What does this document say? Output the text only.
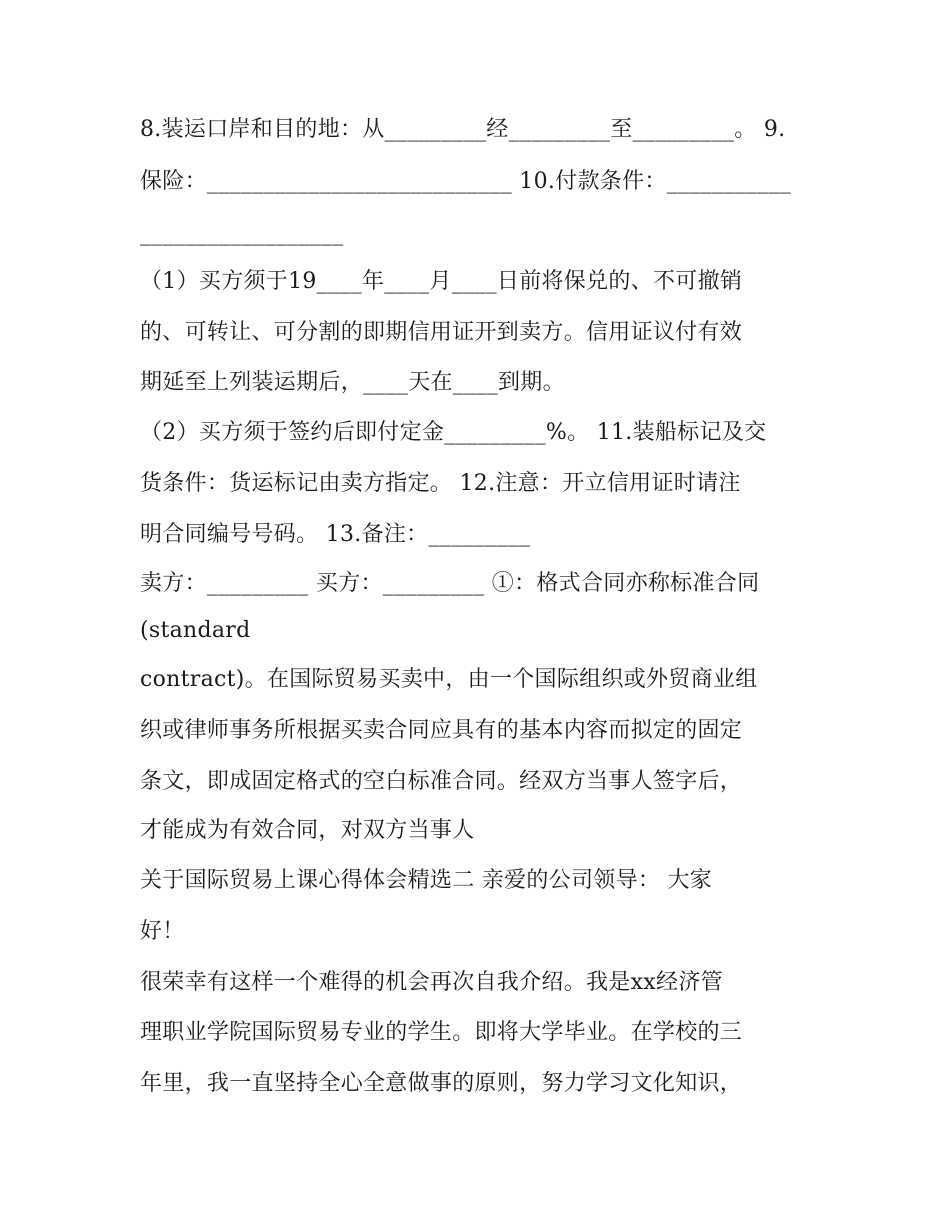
8.装运口岸和目的地：从_________经_________至_________。 9.
保险：___________________________ 10.付款条件：___________
__________________
（1）买方须于19____年____月____日前将保兑的、不可撤销
的、可转让、可分割的即期信用证开到卖方。信用证议付有效
期延至上列装运期后，____天在____到期。
（2）买方须于签约后即付定金_________%。 11.装船标记及交
货条件：货运标记由卖方指定。 12.注意：开立信用证时请注
明合同编号号码。 13.备注：_________
卖方：_________ 买方：_________ ①：格式合同亦称标准合同
(standard
contract)。在国际贸易买卖中，由一个国际组织或外贸商业组
织或律师事务所根据买卖合同应具有的基本内容而拟定的固定
条文，即成固定格式的空白标准合同。经双方当事人签字后，
才能成为有效合同，对双方当事人
关于国际贸易上课心得体会精选二 亲爱的公司领导： 大家
好！
很荣幸有这样一个难得的机会再次自我介绍。我是xx经济管
理职业学院国际贸易专业的学生。即将大学毕业。在学校的三
年里，我一直坚持全心全意做事的原则，努力学习文化知识，
